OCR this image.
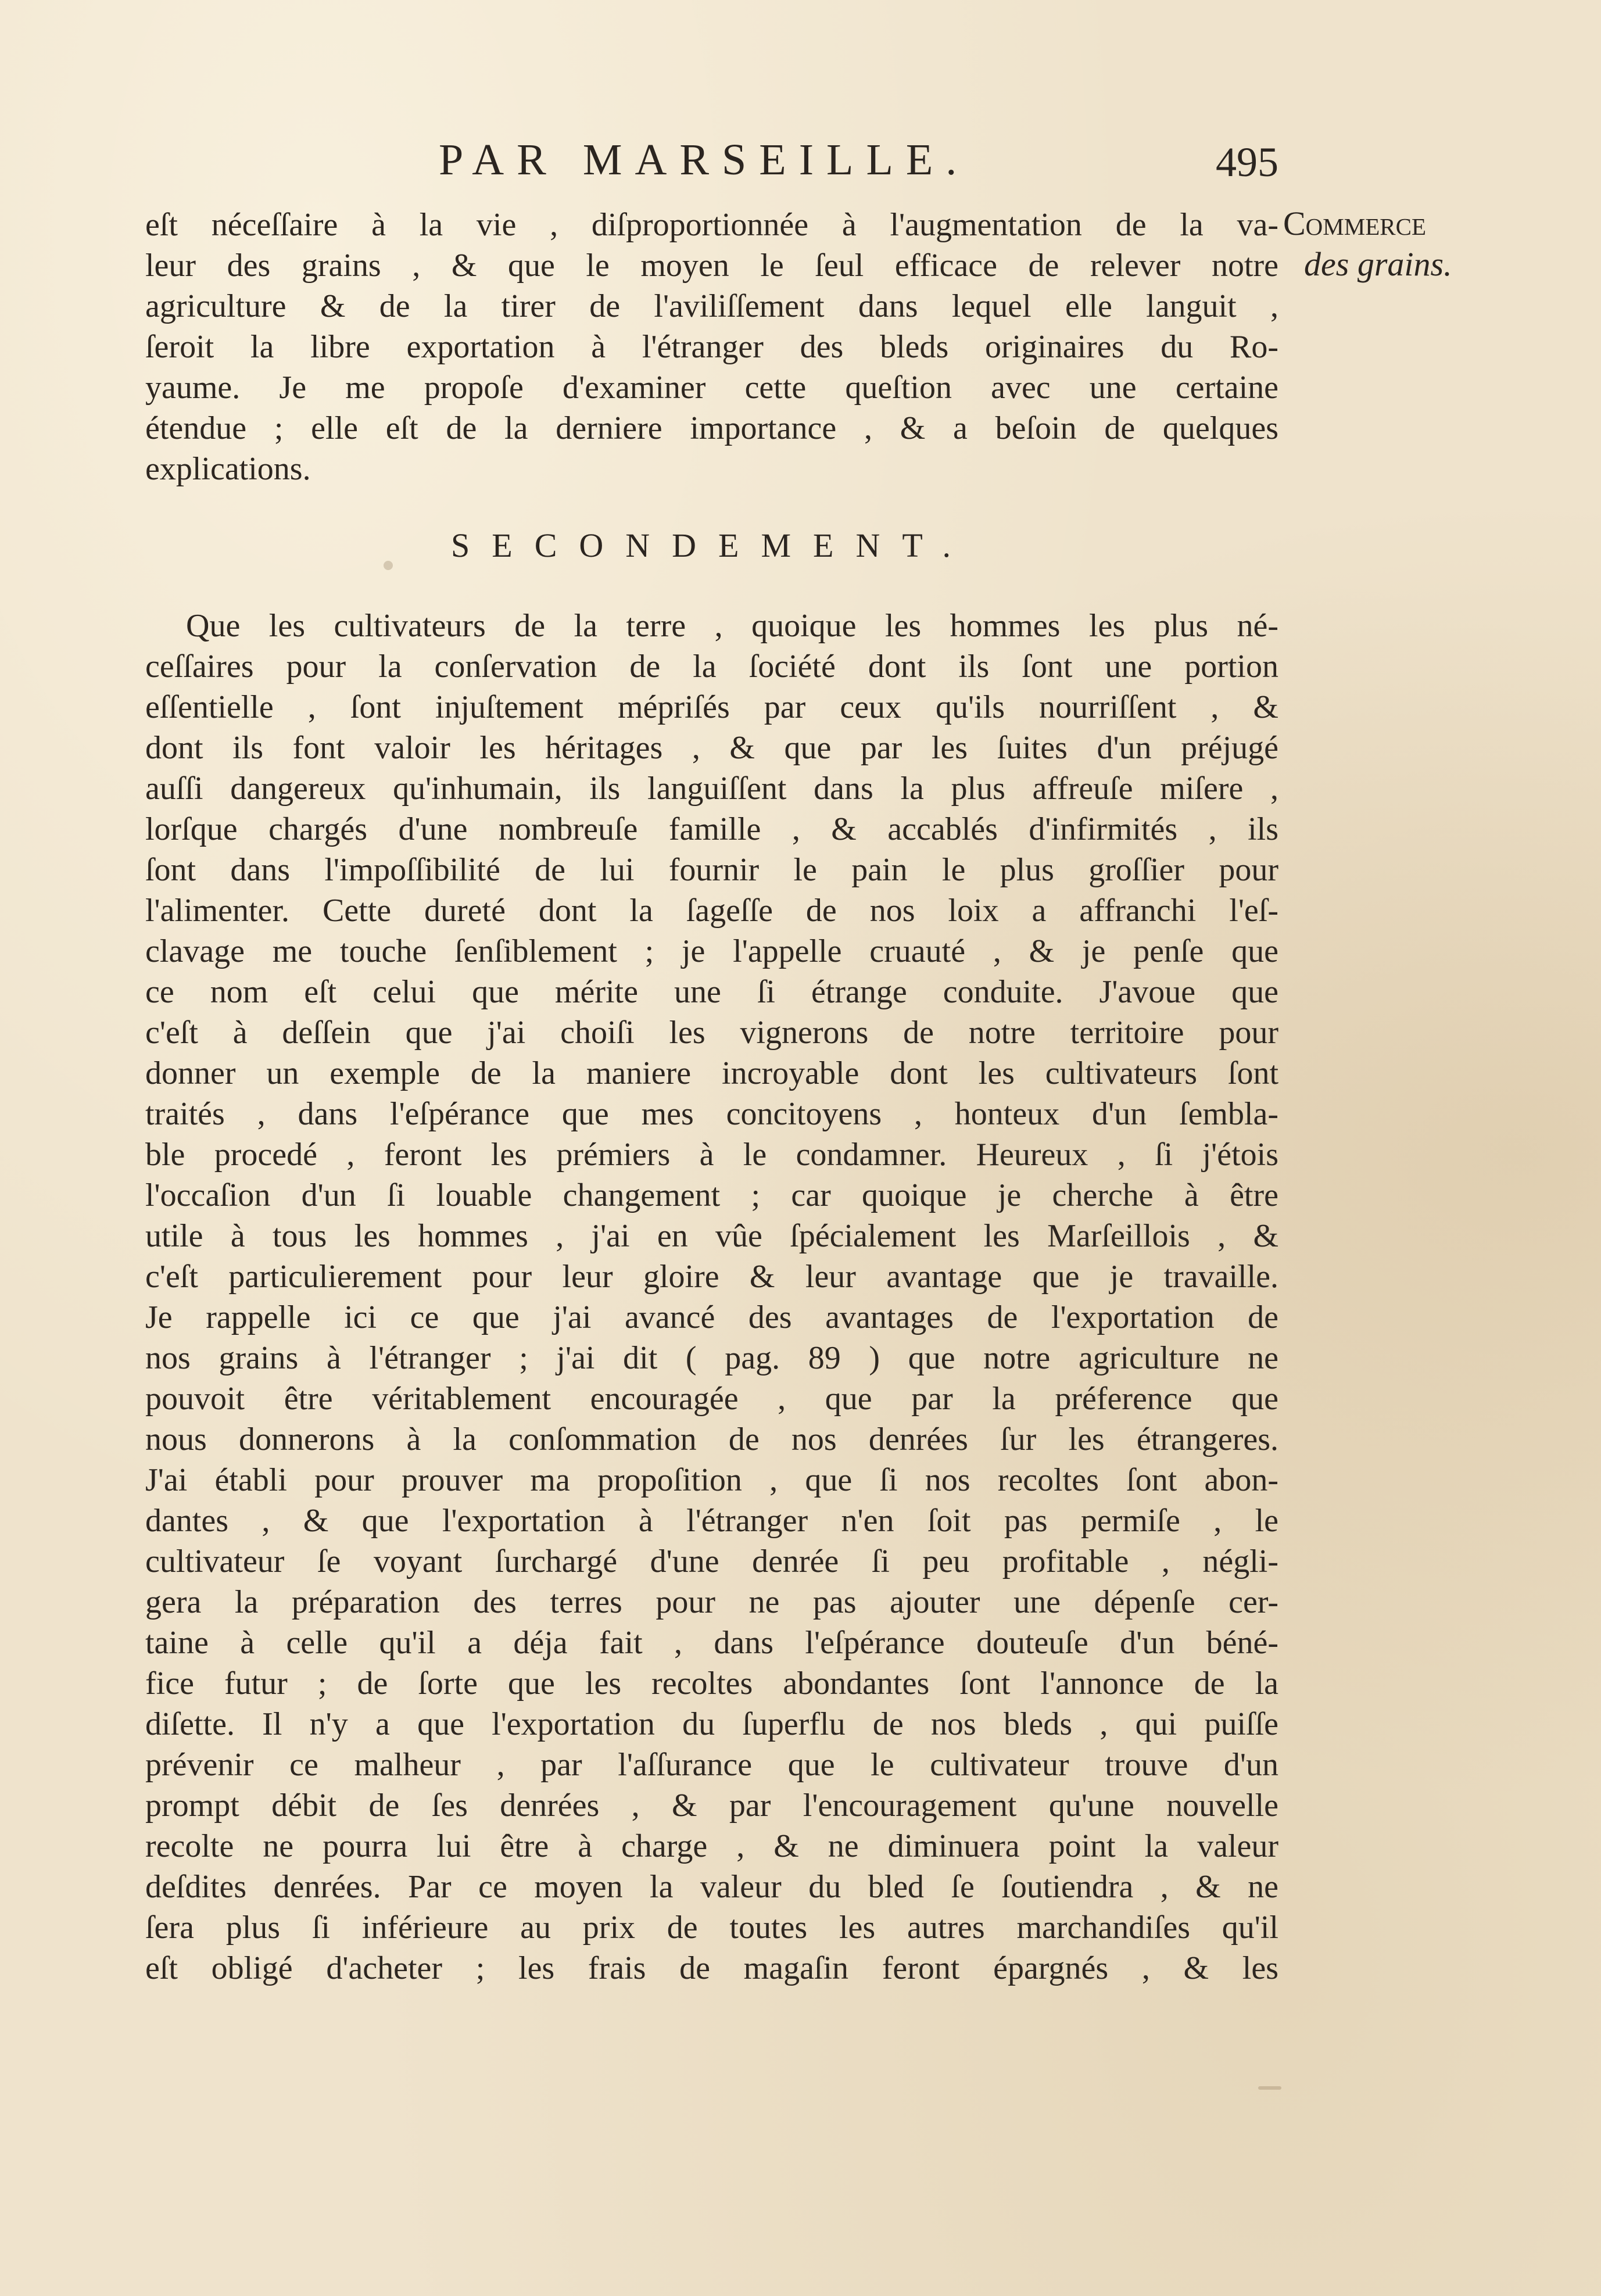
PAR MARSEILLE.	495
Commerce
des grains.
eſt néceſſaire à la vie , diſproportionnée à l'augmentation de la va-
leur des grains , & que le moyen le ſeul efficace de relever notre
agriculture & de la tirer de l'aviliſſement dans lequel elle languit ,
ſeroit la libre exportation à l'étranger des bleds originaires du Ro-
yaume. Je me propoſe d'examiner cette queſtion avec une certaine
étendue ; elle eſt de la derniere importance , & a beſoin de quelques
explications.
SECONDEMENT.
Que les cultivateurs de la terre , quoique les hommes les plus né-
ceſſaires pour la conſervation de la ſociété dont ils ſont une portion
eſſentielle , ſont injuſtement mépriſés par ceux qu'ils nourriſſent , &
dont ils font valoir les héritages , & que par les ſuites d'un préjugé
auſſi dangereux qu'inhumain, ils languiſſent dans la plus affreuſe miſere ,
lorſque chargés d'une nombreuſe famille , & accablés d'infirmités , ils
ſont dans l'impoſſibilité de lui fournir le pain le plus groſſier pour
l'alimenter. Cette dureté dont la ſageſſe de nos loix a affranchi l'eſ-
clavage me touche ſenſiblement ; je l'appelle cruauté , & je penſe que
ce nom eſt celui que mérite une ſi étrange conduite. J'avoue que
c'eſt à deſſein que j'ai choiſi les vignerons de notre territoire pour
donner un exemple de la maniere incroyable dont les cultivateurs ſont
traités , dans l'eſpérance que mes concitoyens , honteux d'un ſembla-
ble procedé , feront les prémiers à le condamner. Heureux , ſi j'étois
l'occaſion d'un ſi louable changement ; car quoique je cherche à être
utile à tous les hommes , j'ai en vûe ſpécialement les Marſeillois , &
c'eſt particulierement pour leur gloire & leur avantage que je travaille.
Je rappelle ici ce que j'ai avancé des avantages de l'exportation de
nos grains à l'étranger ; j'ai dit ( pag. 89 ) que notre agriculture ne
pouvoit être véritablement encouragée , que par la préference que
nous donnerons à la conſommation de nos denrées ſur les étrangeres.
J'ai établi pour prouver ma propoſition , que ſi nos recoltes ſont abon-
dantes , & que l'exportation à l'étranger n'en ſoit pas permiſe , le
cultivateur ſe voyant ſurchargé d'une denrée ſi peu profitable , négli-
gera la préparation des terres pour ne pas ajouter une dépenſe cer-
taine à celle qu'il a déja fait , dans l'eſpérance douteuſe d'un béné-
fice futur ; de ſorte que les recoltes abondantes ſont l'annonce de la
diſette. Il n'y a que l'exportation du ſuperflu de nos bleds , qui puiſſe
prévenir ce malheur , par l'aſſurance que le cultivateur trouve d'un
prompt débit de ſes denrées , & par l'encouragement qu'une nouvelle
recolte ne pourra lui être à charge , & ne diminuera point la valeur
deſdites denrées. Par ce moyen la valeur du bled ſe ſoutiendra , & ne
ſera plus ſi inférieure au prix de toutes les autres marchandiſes qu'il
eſt obligé d'acheter ; les frais de magaſin feront épargnés , & les
